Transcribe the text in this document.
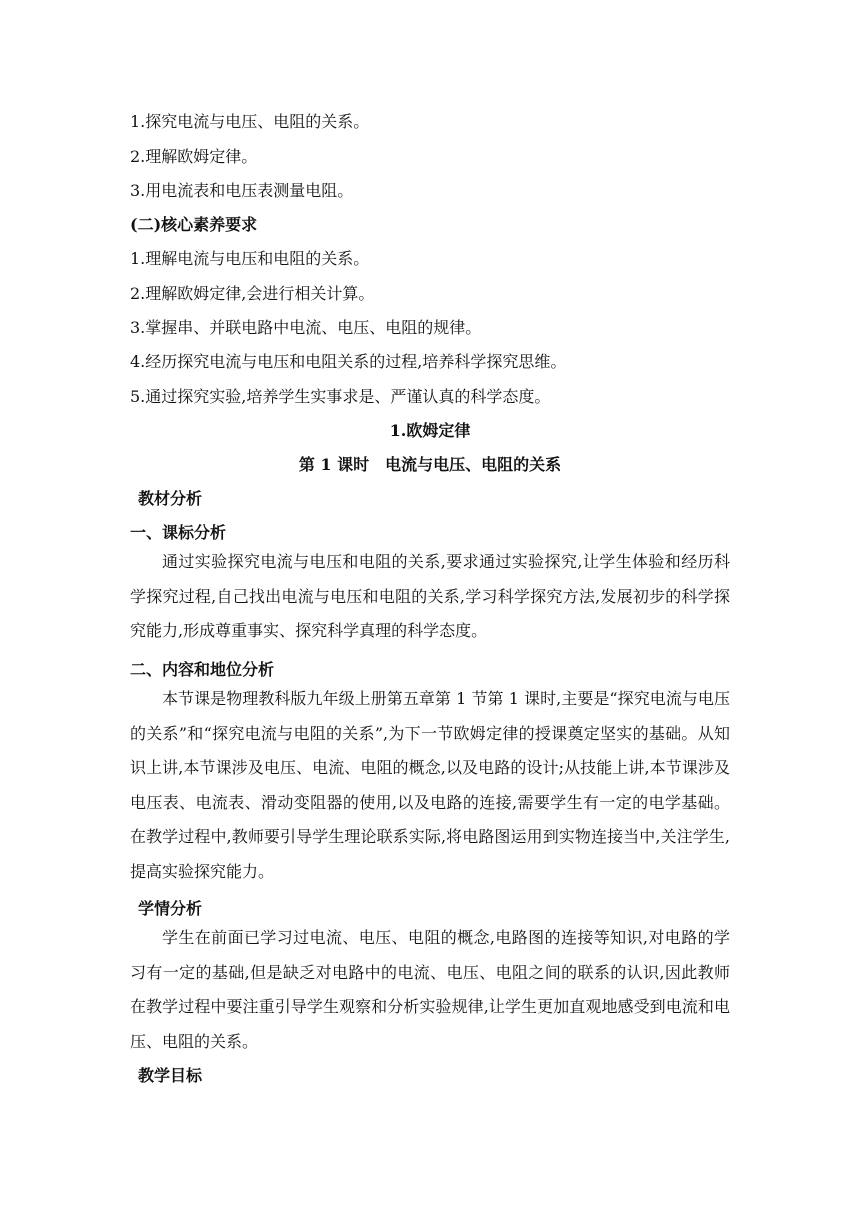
1.探究电流与电压、电阻的关系。
2.理解欧姆定律。
3.用电流表和电压表测量电阻。
(二)核心素养要求
1.理解电流与电压和电阻的关系。
2.理解欧姆定律,会进行相关计算。
3.掌握串、并联电路中电流、电压、电阻的规律。
4.经历探究电流与电压和电阻关系的过程,培养科学探究思维。
5.通过探究实验,培养学生实事求是、严谨认真的科学态度。
1.欧姆定律
第 1 课时　电流与电压、电阻的关系
教材分析
一、课标分析
通过实验探究电流与电压和电阻的关系,要求通过实验探究,让学生体验和经历科学探究过程,自己找出电流与电压和电阻的关系,学习科学探究方法,发展初步的科学探究能力,形成尊重事实、探究科学真理的科学态度。
二、内容和地位分析
本节课是物理教科版九年级上册第五章第 1 节第 1 课时,主要是“探究电流与电压的关系”和“探究电流与电阻的关系”,为下一节欧姆定律的授课奠定坚实的基础。从知识上讲,本节课涉及电压、电流、电阻的概念,以及电路的设计;从技能上讲,本节课涉及电压表、电流表、滑动变阻器的使用,以及电路的连接,需要学生有一定的电学基础。在教学过程中,教师要引导学生理论联系实际,将电路图运用到实物连接当中,关注学生,提高实验探究能力。
学情分析
学生在前面已学习过电流、电压、电阻的概念,电路图的连接等知识,对电路的学习有一定的基础,但是缺乏对电路中的电流、电压、电阻之间的联系的认识,因此教师在教学过程中要注重引导学生观察和分析实验规律,让学生更加直观地感受到电流和电压、电阻的关系。
教学目标
